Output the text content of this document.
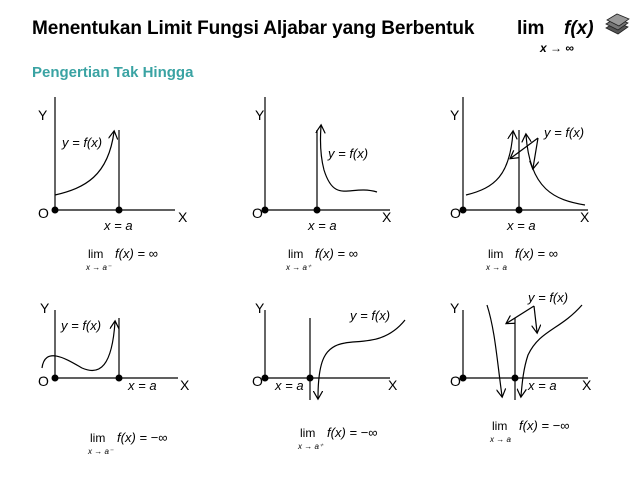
Menentukan Limit Fungsi Aljabar yang Berbentuk lim
x → ∞
f(x)
Pengertian Tak Hingga
Y
O	X
y = f(x)
x = a
lim f(x) = ∞
x → a⁻
Y
O	X
y = f(x)
x = a
lim f(x) = ∞
x → a⁺
Y
O	X
y = f(x)
x = a
lim f(x) = ∞
x → a
Y
O	X
y = f(x)
x = a
lim f(x) = −∞
x → a⁻
Y
O	X
y = f(x)
x = a
lim f(x) = −∞
x → a⁺
Y
O	X
y = f(x)
x = a
lim f(x) = −∞
x → a
